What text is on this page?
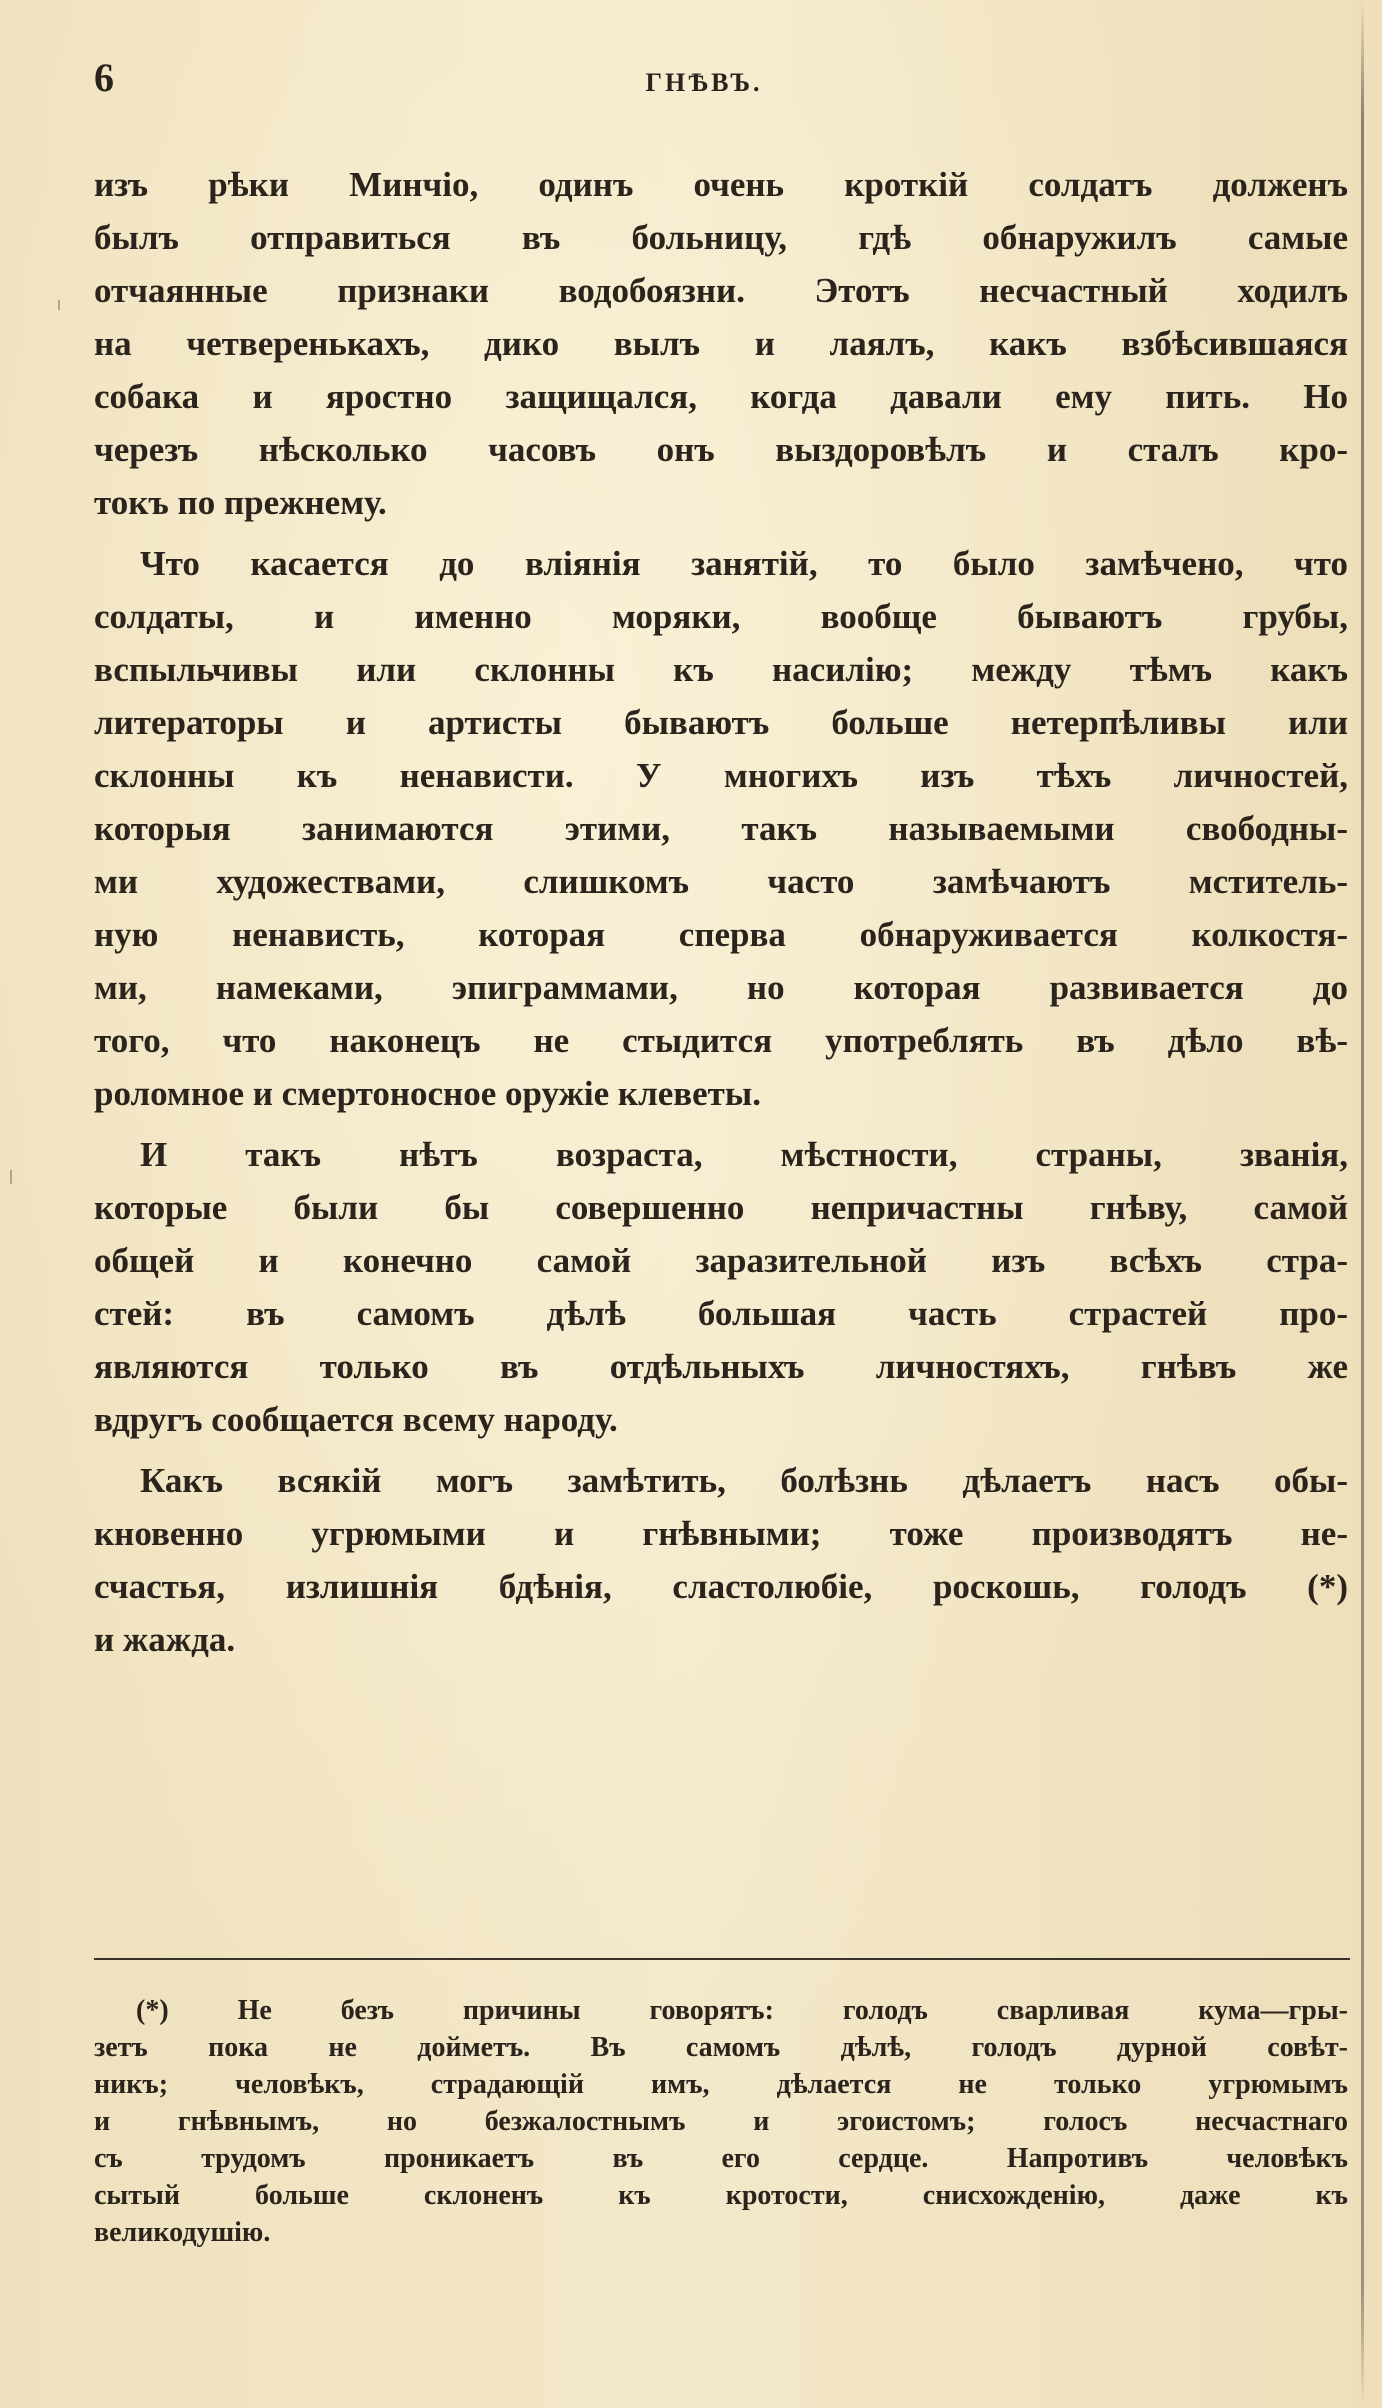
6	ГНѢВЪ.
изъ рѣки Минчіо, одинъ очень кроткій солдатъ долженъ
былъ отправиться въ больницу, гдѣ обнаружилъ самые
отчаянные признаки водобоязни. Этотъ несчастный ходилъ
на четверенькахъ, дико вылъ и лаялъ, какъ взбѣсившаяся
собака и яростно защищался, когда давали ему пить. Но
черезъ нѣсколько часовъ онъ выздоровѣлъ и сталъ кро-
токъ по прежнему.
Что касается до вліянія занятій, то было замѣчено, что
солдаты, и именно моряки, вообще бываютъ грубы,
вспыльчивы или склонны къ насилію; между тѣмъ какъ
литераторы и артисты бываютъ больше нетерпѣливы или
склонны къ ненависти. У многихъ изъ тѣхъ личностей,
которыя занимаются этими, такъ называемыми свободны-
ми художествами, слишкомъ часто замѣчаютъ мститель-
ную ненависть, которая сперва обнаруживается колкостя-
ми, намеками, эпиграммами, но которая развивается до
того, что наконецъ не стыдится употреблять въ дѣло вѣ-
роломное и смертоносное оружіе клеветы.
И такъ нѣтъ возраста, мѣстности, страны, званія,
которые были бы совершенно непричастны гнѣву, самой
общей и конечно самой заразительной изъ всѣхъ стра-
стей: въ самомъ дѣлѣ большая часть страстей про-
являются только въ отдѣльныхъ личностяхъ, гнѣвъ же
вдругъ сообщается всему народу.
Какъ всякій могъ замѣтить, болѣзнь дѣлаетъ насъ обы-
кновенно угрюмыми и гнѣвными; тоже производятъ не-
счастья, излишнія бдѣнія, сластолюбіе, роскошь, голодъ (*)
и жажда.
(*) Не безъ причины говорятъ: голодъ сварливая кума—гры-
зетъ пока не дойметъ. Въ самомъ дѣлѣ, голодъ дурной совѣт-
никъ; человѣкъ, страдающій имъ, дѣлается не только угрюмымъ
и гнѣвнымъ, но безжалостнымъ и эгоистомъ; голосъ несчастнаго
съ трудомъ проникаетъ въ его сердце. Напротивъ человѣкъ
сытый больше склоненъ къ кротости, снисхожденію, даже къ
великодушію.
